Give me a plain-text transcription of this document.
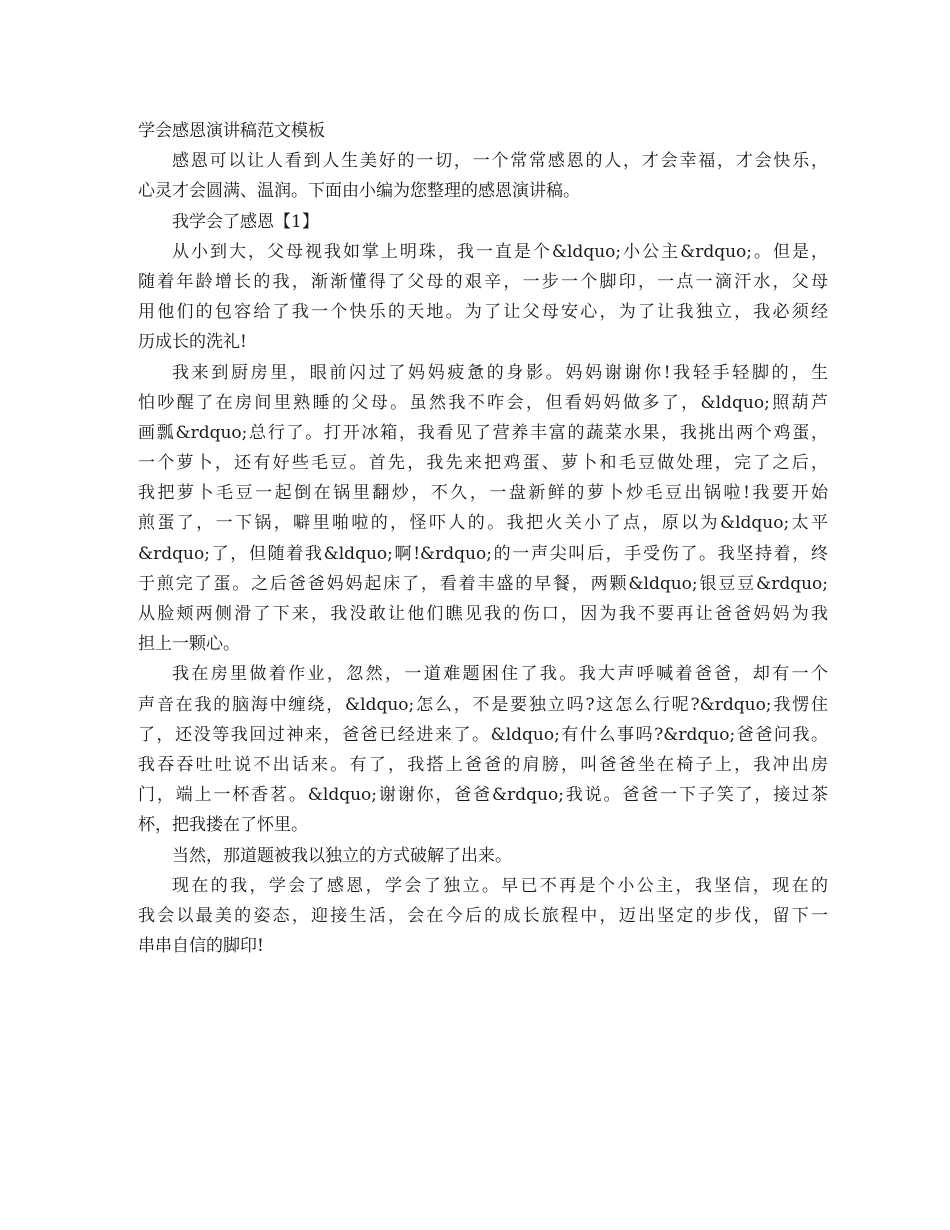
学会感恩演讲稿范文模板
感恩可以让人看到人生美好的一切，一个常常感恩的人，才会幸福，才会快乐，
心灵才会圆满、温润。下面由小编为您整理的感恩演讲稿。
我学会了感恩【1】
从小到大，父母视我如掌上明珠，我一直是个&ldquo;小公主&rdquo;。但是，
随着年龄增长的我，渐渐懂得了父母的艰辛，一步一个脚印，一点一滴汗水，父母
用他们的包容给了我一个快乐的天地。为了让父母安心，为了让我独立，我必须经
历成长的洗礼!
我来到厨房里，眼前闪过了妈妈疲惫的身影。妈妈谢谢你!我轻手轻脚的，生
怕吵醒了在房间里熟睡的父母。虽然我不咋会，但看妈妈做多了，&ldquo;照葫芦
画瓢&rdquo;总行了。打开冰箱，我看见了营养丰富的蔬菜水果，我挑出两个鸡蛋，
一个萝卜，还有好些毛豆。首先，我先来把鸡蛋、萝卜和毛豆做处理，完了之后，
我把萝卜毛豆一起倒在锅里翻炒，不久，一盘新鲜的萝卜炒毛豆出锅啦!我要开始
煎蛋了，一下锅，噼里啪啦的，怪吓人的。我把火关小了点，原以为&ldquo;太平
&rdquo;了，但随着我&ldquo;啊!&rdquo;的一声尖叫后，手受伤了。我坚持着，终
于煎完了蛋。之后爸爸妈妈起床了，看着丰盛的早餐，两颗&ldquo;银豆豆&rdquo;
从脸颊两侧滑了下来，我没敢让他们瞧见我的伤口，因为我不要再让爸爸妈妈为我
担上一颗心。
我在房里做着作业，忽然，一道难题困住了我。我大声呼喊着爸爸，却有一个
声音在我的脑海中缠绕，&ldquo;怎么，不是要独立吗?这怎么行呢?&rdquo;我愣住
了，还没等我回过神来，爸爸已经进来了。&ldquo;有什么事吗?&rdquo;爸爸问我。
我吞吞吐吐说不出话来。有了，我搭上爸爸的肩膀，叫爸爸坐在椅子上，我冲出房
门，端上一杯香茗。&ldquo;谢谢你，爸爸&rdquo;我说。爸爸一下子笑了，接过茶
杯，把我搂在了怀里。
当然，那道题被我以独立的方式破解了出来。
现在的我，学会了感恩，学会了独立。早已不再是个小公主，我坚信，现在的
我会以最美的姿态，迎接生活，会在今后的成长旅程中，迈出坚定的步伐，留下一
串串自信的脚印!
